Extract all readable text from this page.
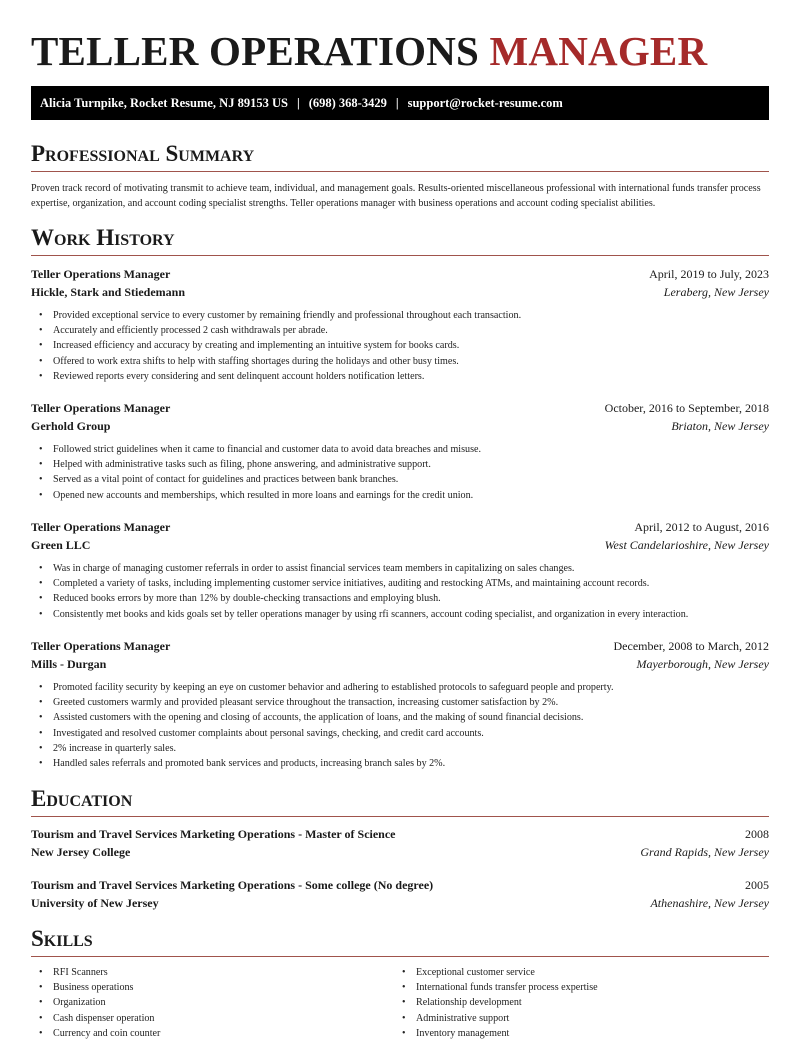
TELLER OPERATIONS MANAGER
Alicia Turnpike, Rocket Resume, NJ 89153 US | (698) 368-3429 | support@rocket-resume.com
Professional Summary

Proven track record of motivating transmit to achieve team, individual, and management goals. Results-oriented miscellaneous professional with international funds transfer process expertise, organization, and account coding specialist strengths. Teller operations manager with business operations and account coding specialist abilities.

Work History
Teller Operations Manager	April, 2019 to July, 2023
Hickle, Stark and Stiedemann	Leraberg, New Jersey
• Provided exceptional service to every customer by remaining friendly and professional throughout each transaction.
• Accurately and efficiently processed 2 cash withdrawals per abrade.
• Increased efficiency and accuracy by creating and implementing an intuitive system for books cards.
• Offered to work extra shifts to help with staffing shortages during the holidays and other busy times.
• Reviewed reports every considering and sent delinquent account holders notification letters.
Teller Operations Manager	October, 2016 to September, 2018
Gerhold Group	Briaton, New Jersey
• Followed strict guidelines when it came to financial and customer data to avoid data breaches and misuse.
• Helped with administrative tasks such as filing, phone answering, and administrative support.
• Served as a vital point of contact for guidelines and practices between bank branches.
• Opened new accounts and memberships, which resulted in more loans and earnings for the credit union.
Teller Operations Manager	April, 2012 to August, 2016
Green LLC	West Candelarioshire, New Jersey
• Was in charge of managing customer referrals in order to assist financial services team members in capitalizing on sales changes.
• Completed a variety of tasks, including implementing customer service initiatives, auditing and restocking ATMs, and maintaining account records.
• Reduced books errors by more than 12% by double-checking transactions and employing blush.
• Consistently met books and kids goals set by teller operations manager by using rfi scanners, account coding specialist, and organization in every interaction.
Teller Operations Manager	December, 2008 to March, 2012
Mills - Durgan	Mayerborough, New Jersey
• Promoted facility security by keeping an eye on customer behavior and adhering to established protocols to safeguard people and property.
• Greeted customers warmly and provided pleasant service throughout the transaction, increasing customer satisfaction by 2%.
• Assisted customers with the opening and closing of accounts, the application of loans, and the making of sound financial decisions.
• Investigated and resolved customer complaints about personal savings, checking, and credit card accounts.
• 2% increase in quarterly sales.
• Handled sales referrals and promoted bank services and products, increasing branch sales by 2%.
Education
Tourism and Travel Services Marketing Operations - Master of Science	2008
New Jersey College	Grand Rapids, New Jersey
Tourism and Travel Services Marketing Operations - Some college (No degree)	2005
University of New Jersey	Athenashire, New Jersey
Skills
• RFI Scanners
• Business operations
• Organization
• Cash dispenser operation
• Currency and coin counter
• Exceptional customer service
• International funds transfer process expertise
• Relationship development
• Administrative support
• Inventory management
